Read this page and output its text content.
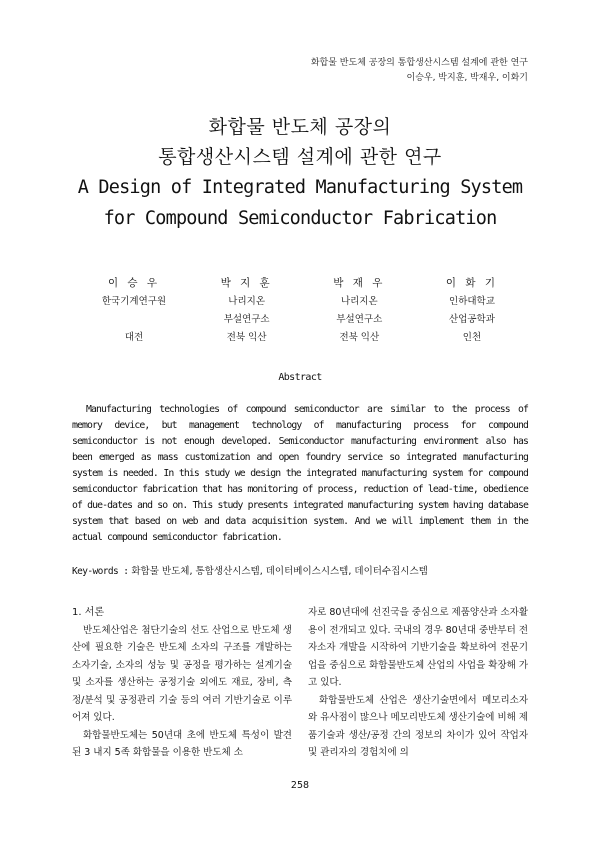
화합물 반도체 공장의 통합생산시스템 설계에 관한 연구
이승우, 박지훈, 박재우, 이화기
화합물 반도체 공장의
통합생산시스템 설계에 관한 연구
A Design of Integrated Manufacturing System
for Compound Semiconductor Fabrication
이 승 우
한국기계연구원

대전
박 지 훈
나리지온
부설연구소
전북 익산
박 재 우
나리지온
부설연구소
전북 익산
이 화 기
인하대학교
산업공학과
인천
Abstract
Manufacturing technologies of compound semiconductor are similar to the process of memory device, but management technology of manufacturing process for compound semiconductor is not enough developed. Semiconductor manufacturing environment also has been emerged as mass customization and open foundry service so integrated manufacturing system is needed. In this study we design the integrated manufacturing system for compound semiconductor fabrication that has monitoring of process, reduction of lead-time, obedience of due-dates and so on. This study presents integrated manufacturing system having database system that based on web and data acquisition system. And we will implement them in the actual compound semiconductor fabrication.
Key-words : 화합물 반도체, 통합생산시스템, 데이터베이스시스템, 데이터수집시스템
1. 서론

반도체산업은 첨단기술의 선도 산업으로 반도체 생산에 필요한 기술은 반도체 소자의 구조를 개발하는 소자기술, 소자의 성능 및 공정을 평가하는 설계기술 및 소자를 생산하는 공정기술 외에도 재료, 장비, 측정/분석 및 공정관리 기술 등의 여러 기반기술로 이루어져 있다.

화합물반도체는 50년대 초에 반도체 특성이 발견된 3 내지 5족 화합물을 이용한 반도체 소

자로 80년대에 선진국을 중심으로 제품양산과 소자활용이 전개되고 있다. 국내의 경우 80년대 중반부터 전자소자 개발을 시작하여 기반기술을 확보하여 전문기업을 중심으로 화합물반도체 산업의 사업을 확장해 가고 있다.

화합물반도체 산업은 생산기술면에서 메모리소자와 유사점이 많으나 메모리반도체 생산기술에 비해 제품기술과 생산/공정 간의 정보의 차이가 있어 작업자 및 관리자의 경험치에 의

258
